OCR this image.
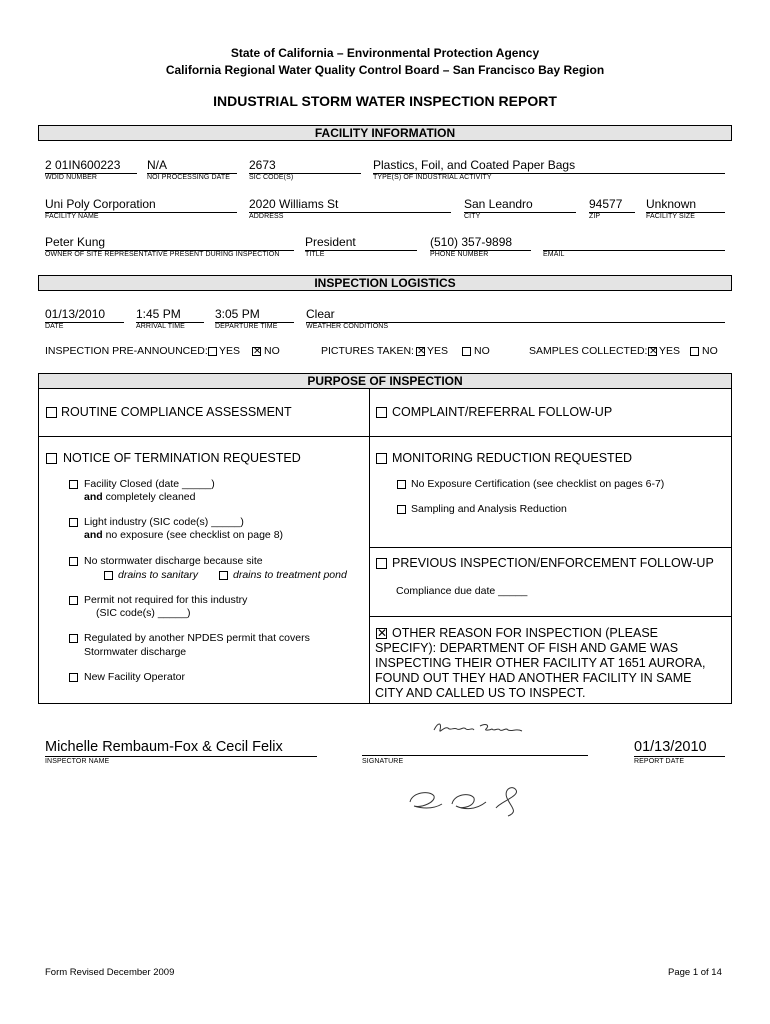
State of California – Environmental Protection Agency
California Regional Water Quality Control Board – San Francisco Bay Region
INDUSTRIAL STORM WATER INSPECTION REPORT
FACILITY INFORMATION
2 01IN600223
WDID NUMBER
N/A
NOI PROCESSING DATE
2673
SIC CODE(S)
Plastics, Foil, and Coated Paper Bags
TYPE(S) OF INDUSTRIAL ACTIVITY
Uni Poly Corporation
FACILITY NAME
2020 Williams St
ADDRESS
San Leandro
CITY
94577
ZIP
Unknown
FACILITY SIZE
Peter Kung
OWNER OF SITE REPRESENTATIVE PRESENT DURING INSPECTION
President
TITLE
(510) 357-9898
PHONE NUMBER	EMAIL
INSPECTION LOGISTICS
01/13/2010
DATE
1:45 PM
ARRIVAL TIME
3:05 PM
DEPARTURE TIME
Clear
WEATHER CONDITIONS
INSPECTION PRE-ANNOUNCED: YES ✕ NO	PICTURES TAKEN: ✕ YES NO	SAMPLES COLLECTED: ✕ YES NO
PURPOSE OF INSPECTION
ROUTINE COMPLIANCE ASSESSMENT	COMPLAINT/REFERRAL FOLLOW-UP
NOTICE OF TERMINATION REQUESTED
Facility Closed (date _____)
and completely cleaned
Light industry (SIC code(s) _____)
and no exposure (see checklist on page 8)
No stormwater discharge because site
drains to sanitary	drains to treatment pond
Permit not required for this industry
(SIC code(s) _____)
Regulated by another NPDES permit that covers
Stormwater discharge
New Facility Operator
MONITORING REDUCTION REQUESTED
No Exposure Certification (see checklist on pages 6-7)
Sampling and Analysis Reduction
PREVIOUS INSPECTION/ENFORCEMENT FOLLOW-UP
Compliance due date _____
✕
OTHER REASON FOR INSPECTION (PLEASE
SPECIFY): DEPARTMENT OF FISH AND GAME WAS
INSPECTING THEIR OTHER FACILITY AT 1651 AURORA,
FOUND OUT THEY HAD ANOTHER FACILITY IN SAME
CITY AND CALLED US TO INSPECT.
Michelle Rembaum-Fox & Cecil Felix
INSPECTOR NAME	SIGNATURE
01/13/2010
REPORT DATE
Form Revised December 2009	Page 1 of 14
